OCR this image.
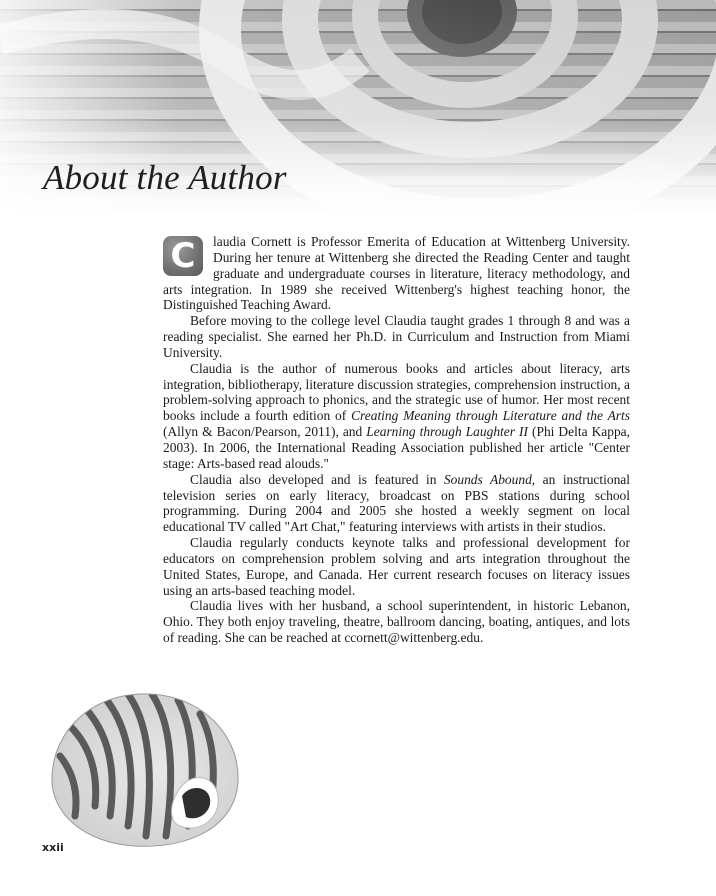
About the Author

C	laudia Cornett is Professor Emerita of Education at Wittenberg University. During her tenure at Wittenberg she directed the Reading Center and taught graduate and undergraduate courses in literature, literacy methodology, and arts integration. In 1989 she received Wittenberg's highest teaching honor, the Distinguished Teaching Award.

Before moving to the college level Claudia taught grades 1 through 8 and was a reading specialist. She earned her Ph.D. in Curriculum and Instruction from Miami University.

Claudia is the author of numerous books and articles about literacy, arts integration, bibliotherapy, literature discussion strategies, comprehension instruction, a problem-solving approach to phonics, and the strategic use of humor. Her most recent books include a fourth edition of Creating Meaning through Literature and the Arts (Allyn & Bacon/Pearson, 2011), and Learning through Laughter II (Phi Delta Kappa, 2003). In 2006, the International Reading Association published her article "Center stage: Arts-based read alouds."

Claudia also developed and is featured in Sounds Abound, an instructional television series on early literacy, broadcast on PBS stations during school programming. During 2004 and 2005 she hosted a weekly segment on local educational TV called "Art Chat," featuring interviews with artists in their studios.

Claudia regularly conducts keynote talks and professional development for educators on comprehension problem solving and arts integration throughout the United States, Europe, and Canada. Her current research focuses on literacy issues using an arts-based teaching model.

Claudia lives with her husband, a school superintendent, in historic Lebanon, Ohio. They both enjoy traveling, theatre, ballroom dancing, boating, antiques, and lots of reading. She can be reached at ccornett@wittenberg.edu.

xxii
